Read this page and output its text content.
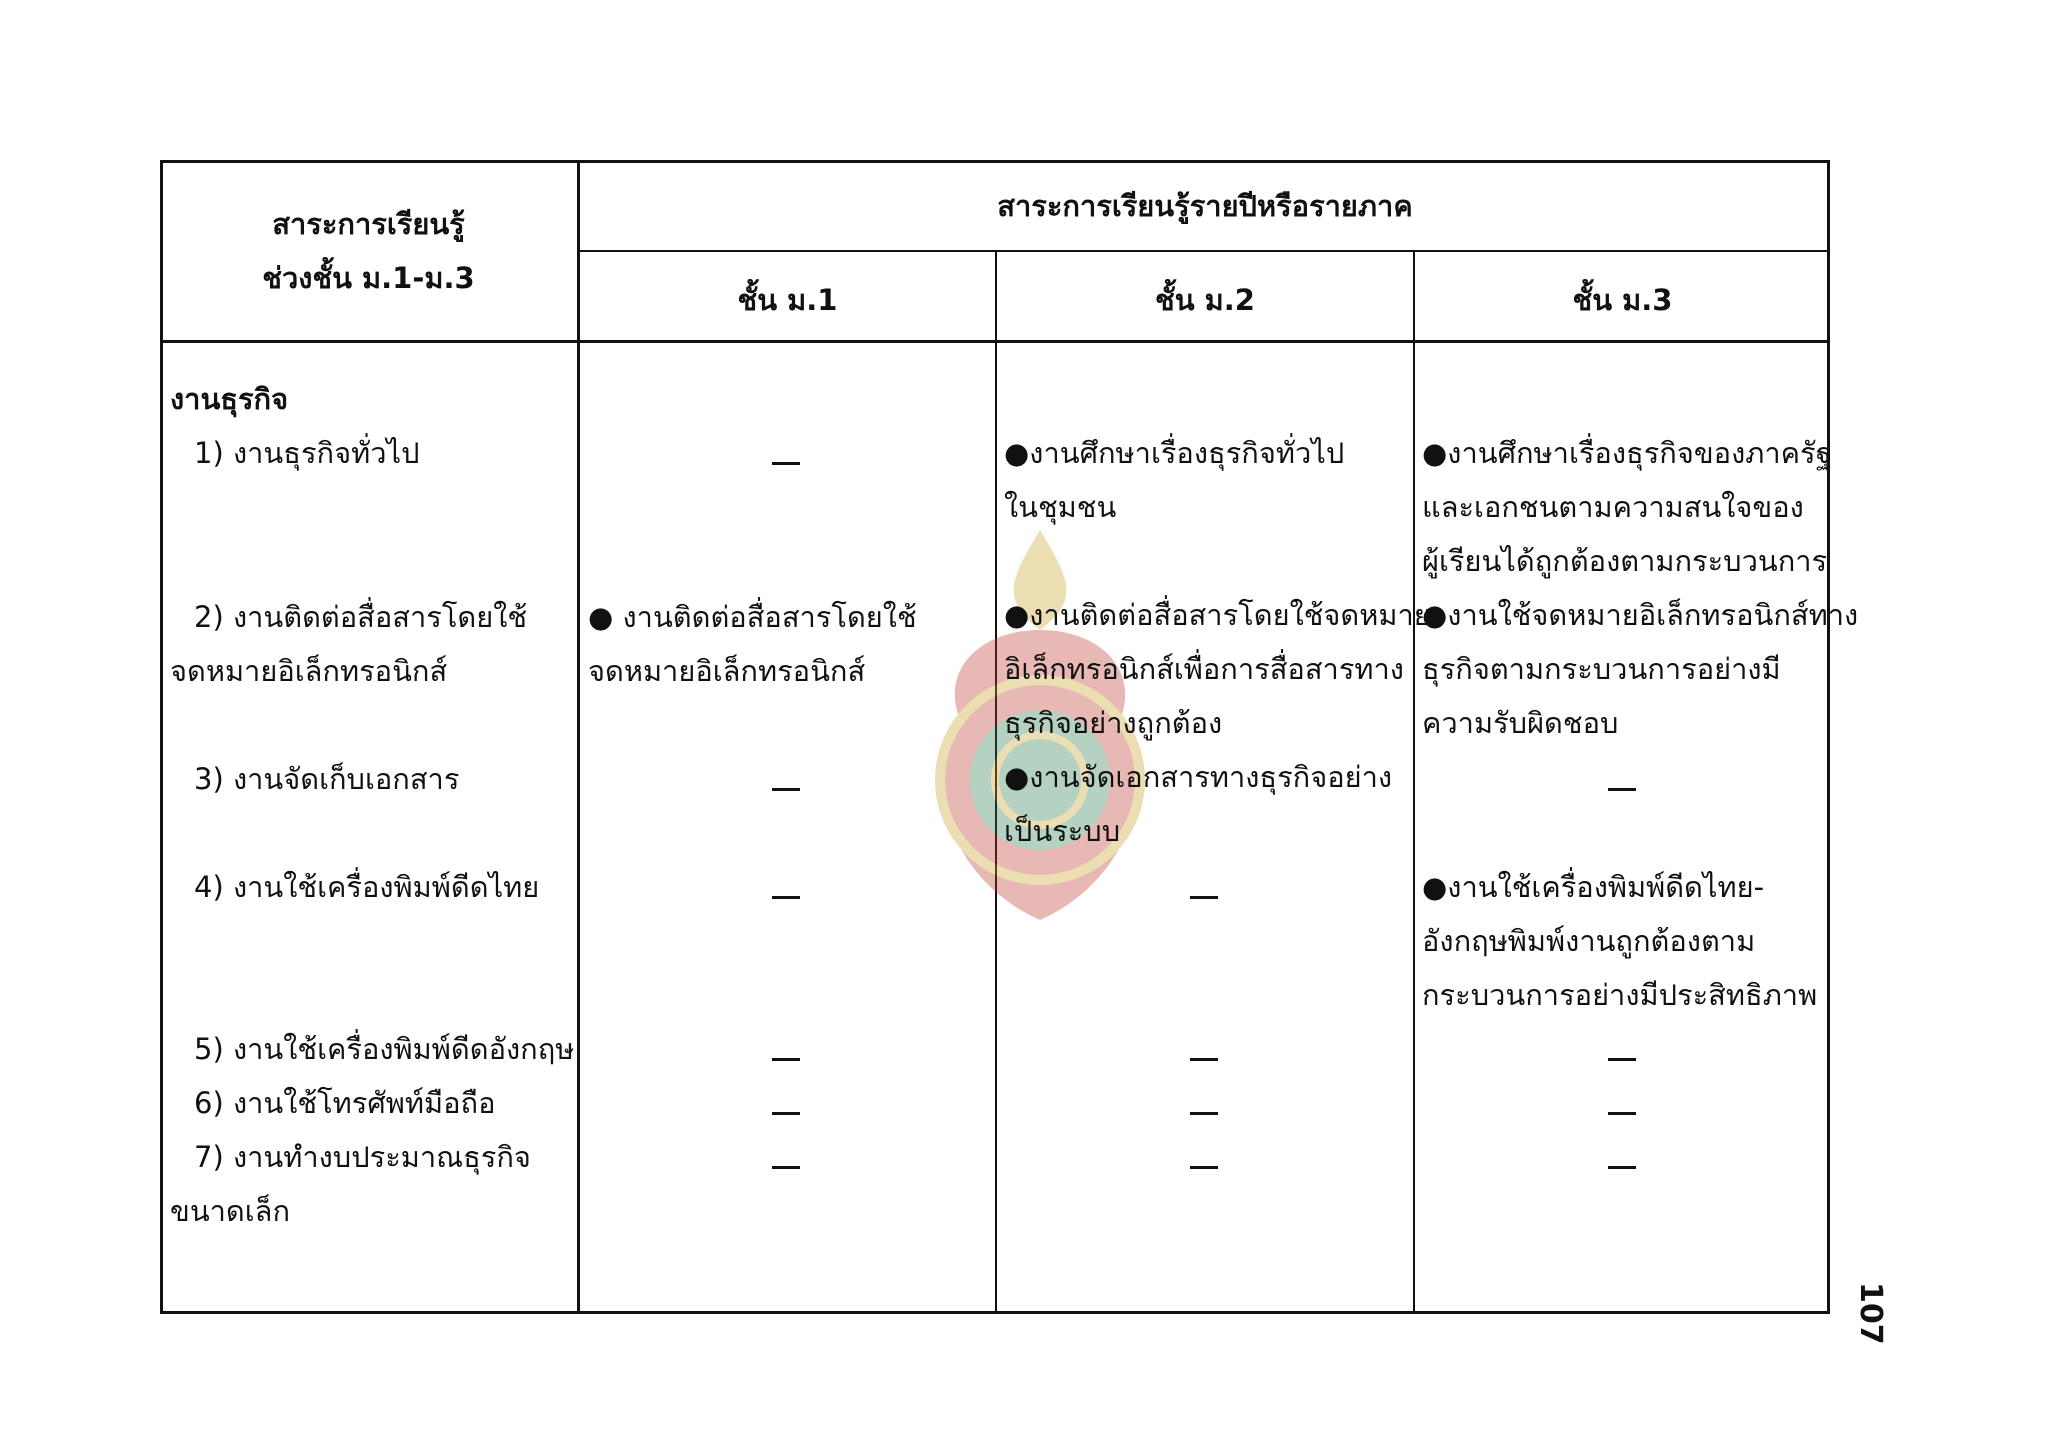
สาระการเรียนรู้
ช่วงชั้น ม.1-ม.3
สาระการเรียนรู้รายปีหรือรายภาค
ชั้น ม.1	ชั้น ม.2	ชั้น ม.3

งานธุรกิจ

1) งานธุรกิจทั่วไป

2) งานติดต่อสื่อสารโดยใช้

จดหมายอิเล็กทรอนิกส์

3) งานจัดเก็บเอกสาร

4) งานใช้เครื่องพิมพ์ดีดไทย

5) งานใช้เครื่องพิมพ์ดีดอังกฤษ

6) งานใช้โทรศัพท์มือถือ

7) งานทำงบประมาณธุรกิจ

ขนาดเล็ก

● งานติดต่อสื่อสารโดยใช้

จดหมายอิเล็กทรอนิกส์

●งานศึกษาเรื่องธุรกิจทั่วไป

ในชุมชน

●งานติดต่อสื่อสารโดยใช้จดหมาย

อิเล็กทรอนิกส์เพื่อการสื่อสารทาง

ธุรกิจอย่างถูกต้อง

●งานจัดเอกสารทางธุรกิจอย่าง

เป็นระบบ

●งานศึกษาเรื่องธุรกิจของภาครัฐ

และเอกชนตามความสนใจของ

ผู้เรียนได้ถูกต้องตามกระบวนการ

●งานใช้จดหมายอิเล็กทรอนิกส์ทาง

ธุรกิจตามกระบวนการอย่างมี

ความรับผิดชอบ

●งานใช้เครื่องพิมพ์ดีดไทย-

อังกฤษพิมพ์งานถูกต้องตาม

กระบวนการอย่างมีประสิทธิภาพ

107
